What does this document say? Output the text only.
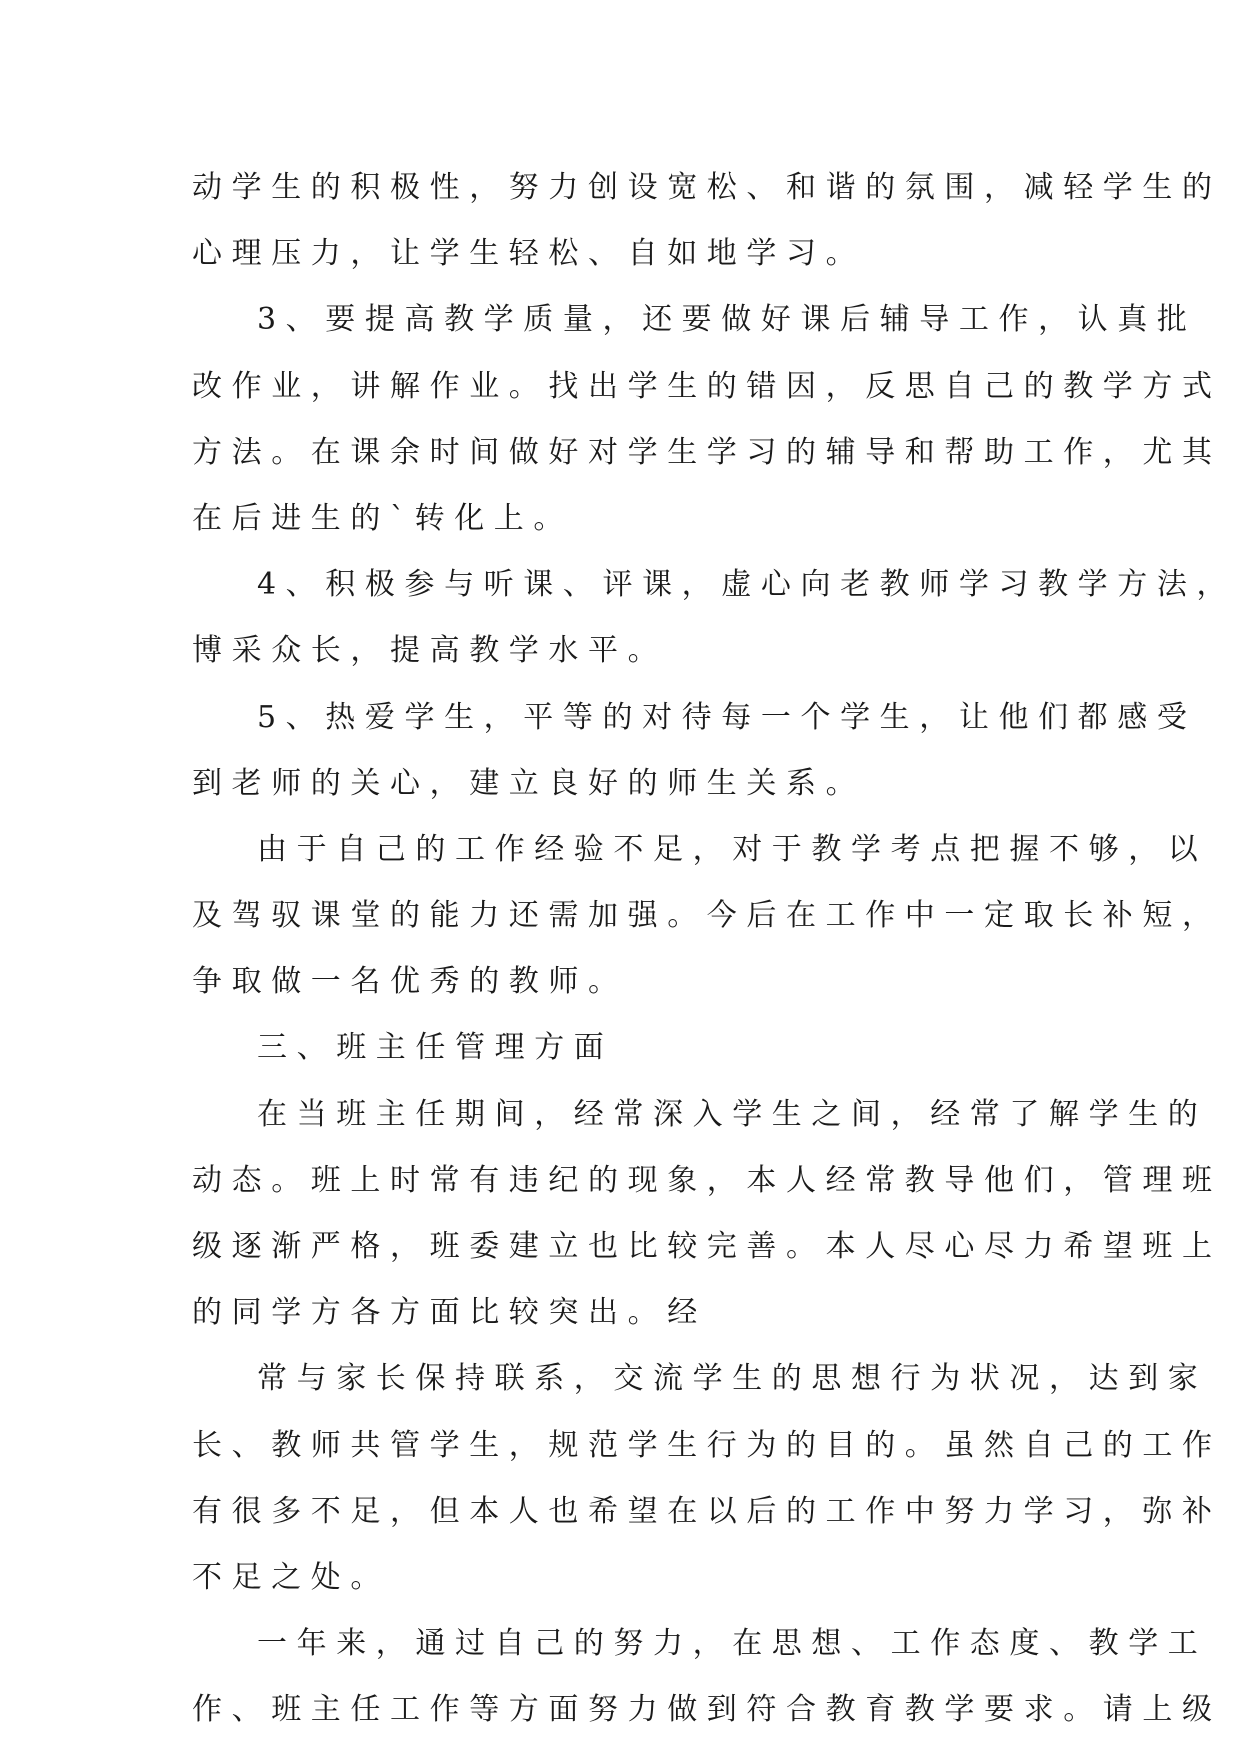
动学生的积极性，努力创设宽松、和谐的氛围，减轻学生的
心理压力，让学生轻松、自如地学习。
3、要提高教学质量，还要做好课后辅导工作，认真批
改作业，讲解作业。找出学生的错因，反思自己的教学方式
方法。在课余时间做好对学生学习的辅导和帮助工作，尤其
在后进生的`转化上。
4、积极参与听课、评课，虚心向老教师学习教学方法，
博采众长，提高教学水平。
5、热爱学生，平等的对待每一个学生，让他们都感受
到老师的关心，建立良好的师生关系。
由于自己的工作经验不足，对于教学考点把握不够，以
及驾驭课堂的能力还需加强。今后在工作中一定取长补短，
争取做一名优秀的教师。
三、班主任管理方面
在当班主任期间，经常深入学生之间，经常了解学生的
动态。班上时常有违纪的现象，本人经常教导他们，管理班
级逐渐严格，班委建立也比较完善。本人尽心尽力希望班上
的同学方各方面比较突出。经
常与家长保持联系，交流学生的思想行为状况，达到家
长、教师共管学生，规范学生行为的目的。虽然自己的工作
有很多不足，但本人也希望在以后的工作中努力学习，弥补
不足之处。
一年来，通过自己的努力，在思想、工作态度、教学工
作、班主任工作等方面努力做到符合教育教学要求。请上级
